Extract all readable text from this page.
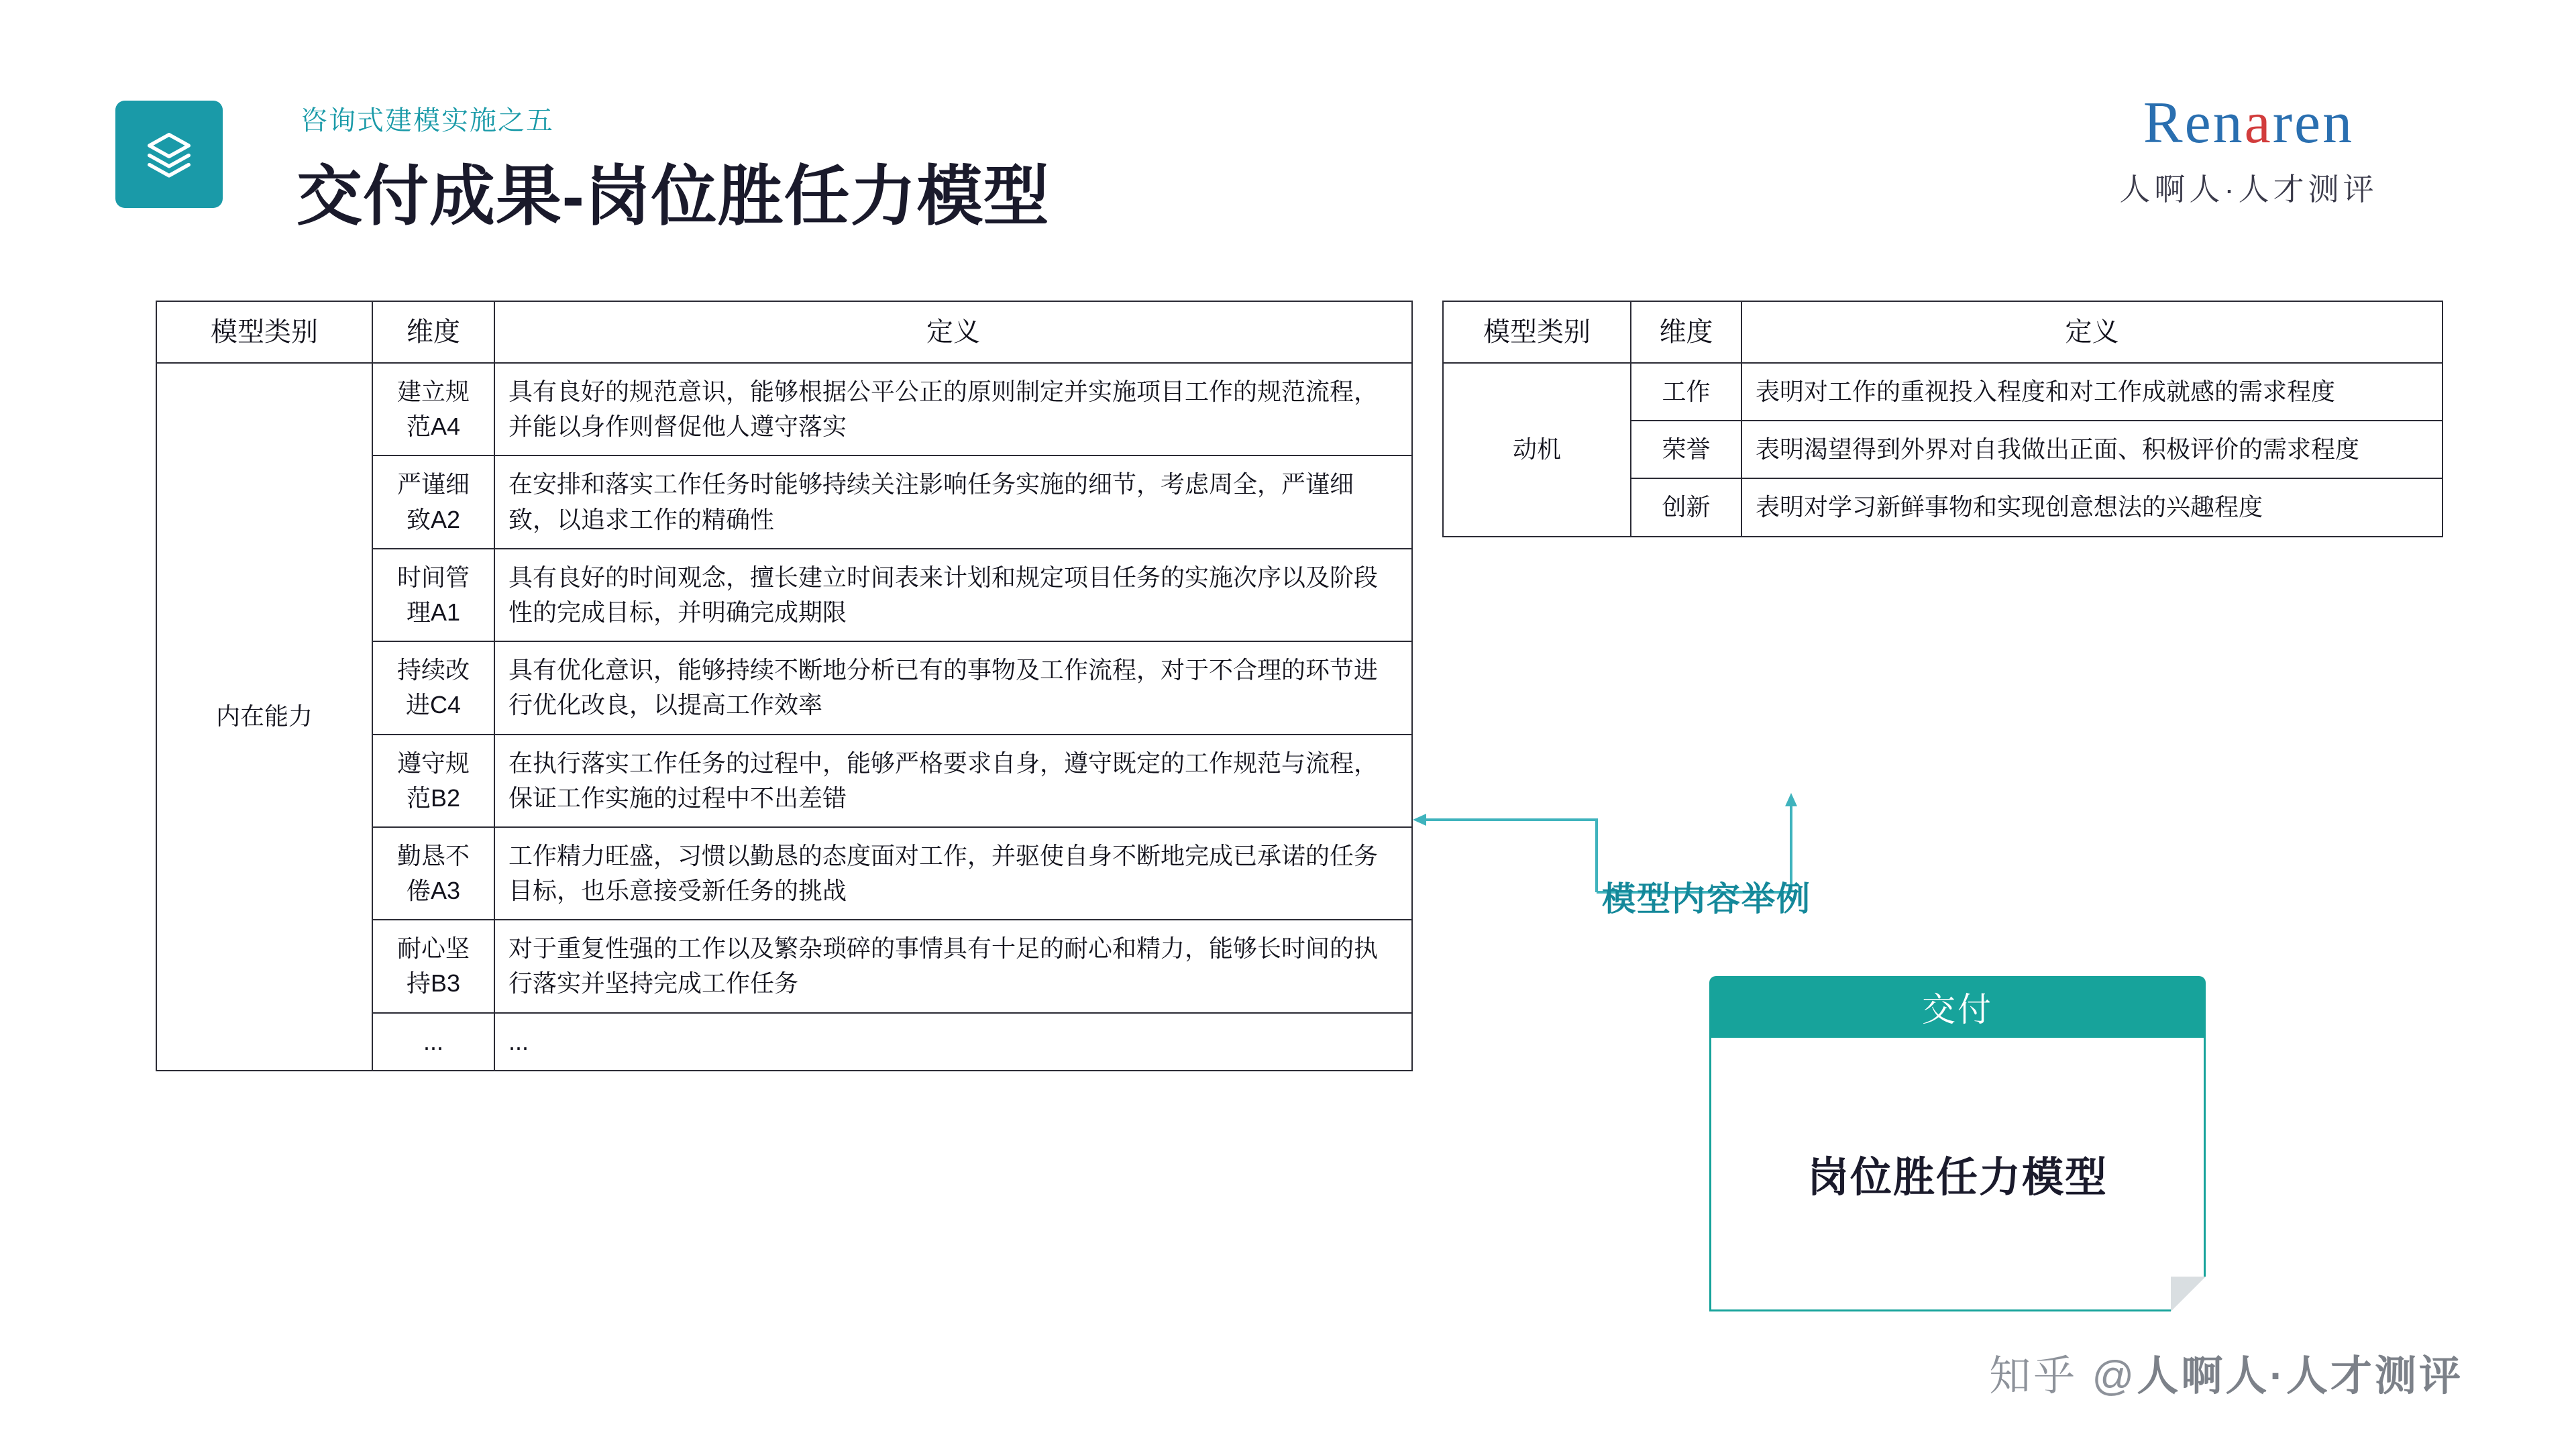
咨询式建模实施之五
交付成果-岗位胜任力模型
Renaren
人啊人·人才测评
模型类别	维度	定义
内在能力	建立规范A4	具有良好的规范意识，能够根据公平公正的原则制定并实施项目工作的规范流程，并能以身作则督促他人遵守落实
	严谨细致A2	在安排和落实工作任务时能够持续关注影响任务实施的细节，考虑周全，严谨细致，以追求工作的精确性
	时间管理A1	具有良好的时间观念，擅长建立时间表来计划和规定项目任务的实施次序以及阶段性的完成目标，并明确完成期限
	持续改进C4	具有优化意识，能够持续不断地分析已有的事物及工作流程，对于不合理的环节进行优化改良，以提高工作效率
	遵守规范B2	在执行落实工作任务的过程中，能够严格要求自身，遵守既定的工作规范与流程，保证工作实施的过程中不出差错
	勤恳不倦A3	工作精力旺盛，习惯以勤恳的态度面对工作，并驱使自身不断地完成已承诺的任务目标，也乐意接受新任务的挑战
	耐心坚持B3	对于重复性强的工作以及繁杂琐碎的事情具有十足的耐心和精力，能够长时间的执行落实并坚持完成工作任务
	...	...
模型类别	维度	定义
动机	工作	表明对工作的重视投入程度和对工作成就感的需求程度
	荣誉	表明渴望得到外界对自我做出正面、积极评价的需求程度
	创新	表明对学习新鲜事物和实现创意想法的兴趣程度
模型内容举例
交付
岗位胜任力模型
知乎 @人啊人·人才测评
